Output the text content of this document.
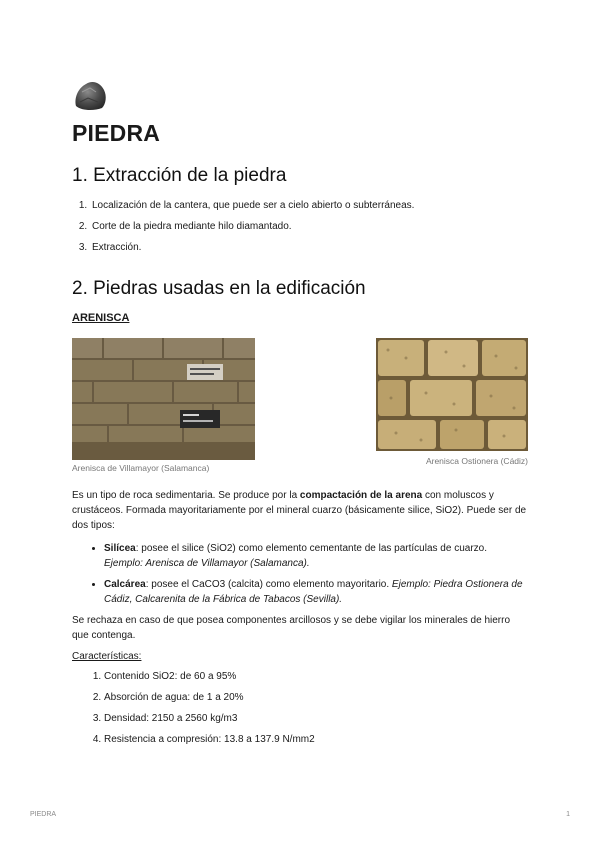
PIEDRA
1. Extracción de la piedra
1. Localización de la cantera, que puede ser a cielo abierto o subterráneas.
2. Corte de la piedra mediante hilo diamantado.
3. Extracción.
2. Piedras usadas en la edificación
ARENISCA
Arenisca de Villamayor (Salamanca)
Arenisca Ostionera (Cádiz)

Es un tipo de roca sedimentaria. Se produce por la compactación de la arena con moluscos y crustáceos. Formada mayoritariamente por el mineral cuarzo (básicamente silice, SiO2). Puede ser de dos tipos:

• Silícea: posee el silice (SiO2) como elemento cementante de las partículas de cuarzo. Ejemplo: Arenisca de Villamayor (Salamanca).
• Calcárea: posee el CaCO3 (calcita) como elemento mayoritario. Ejemplo: Piedra Ostionera de Cádiz, Calcarenita de la Fábrica de Tabacos (Sevilla).

Se rechaza en caso de que posea componentes arcillosos y se debe vigilar los minerales de hierro que contenga.

Características:
1. Contenido SiO2: de 60 a 95%
2. Absorción de agua: de 1 a 20%
3. Densidad: 2150 a 2560 kg/m3
4. Resistencia a compresión: 13.8 a 137.9 N/mm2
PIEDRA	1
